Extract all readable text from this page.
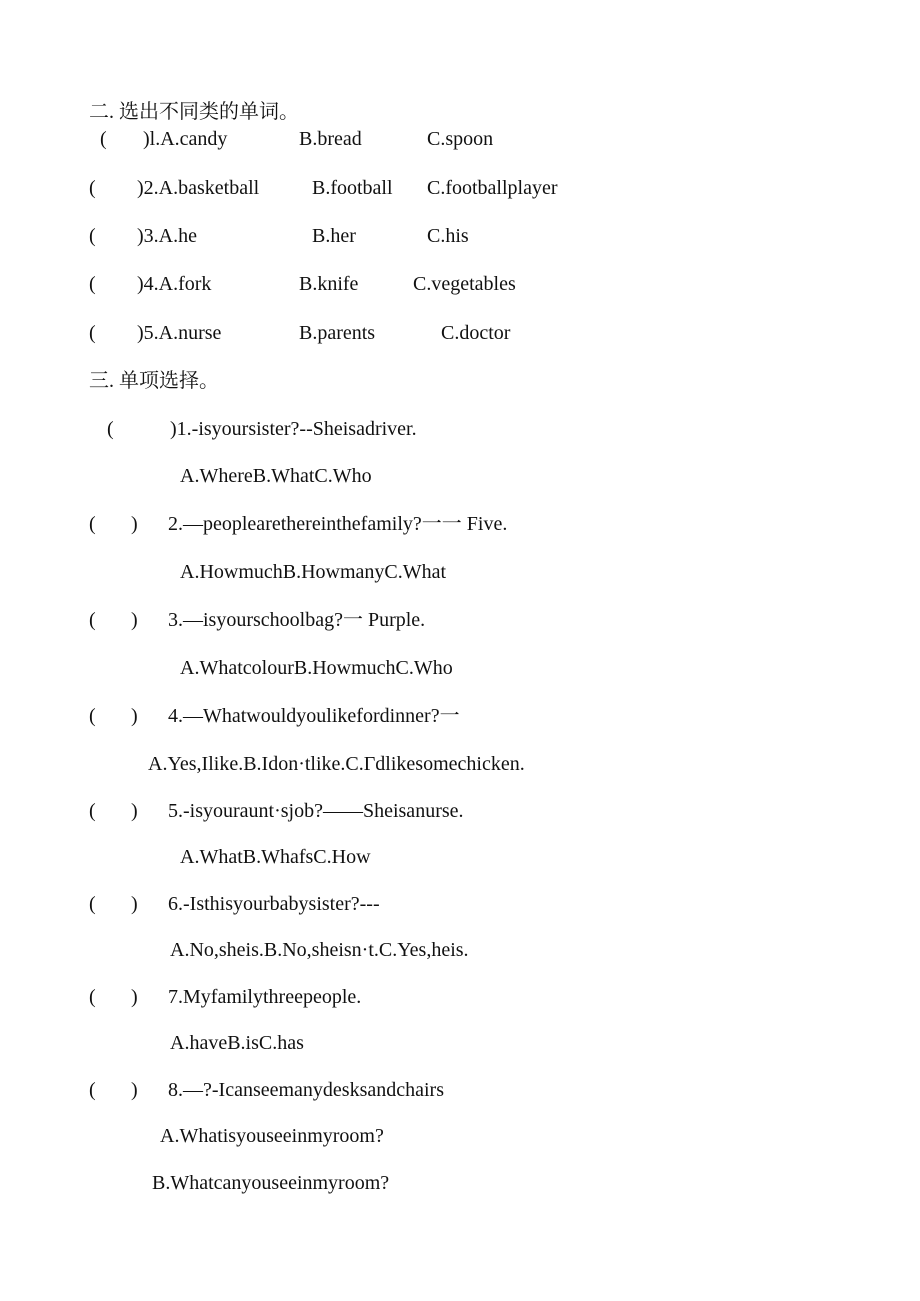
二. 选出不同类的单词。
( )l.A.candy	B.bread	C.spoon
( )2.A.basketball	B.football C.footballplayer
( )3.A.he	B.her	C.his
( )4.A.fork	B.knife	C.vegetables
( )5.A.nurse	B.parents	C.doctor
三. 单项选择。
(	)1.-isyoursister?--Sheisadriver.
A.WhereB.WhatC.Who
( ) 2.—peoplearethereinthefamily?一一 Five.
A.HowmuchB.HowmanyC.What
( ) 3.—isyourschoolbag?一 Purple.
A.WhatcolourB.HowmuchC.Who
( ) 4.—Whatwouldyoulikefordinner?一
A.Yes,Ilike.B.Idon·tlike.C.Γdlikesomechicken.
( ) 5.-isyouraunt·sjob?——Sheisanurse.
A.WhatB.WhafsC.How
( ) 6.-Isthisyourbabysister?---
A.No,sheis.B.No,sheisn·t.C.Yes,heis.
( ) 7.Myfamilythreepeople.
A.haveB.isC.has
( ) 8.—?-Icanseemanydesksandchairs
A.Whatisyouseeinmyroom?
B.Whatcanyouseeinmyroom?
